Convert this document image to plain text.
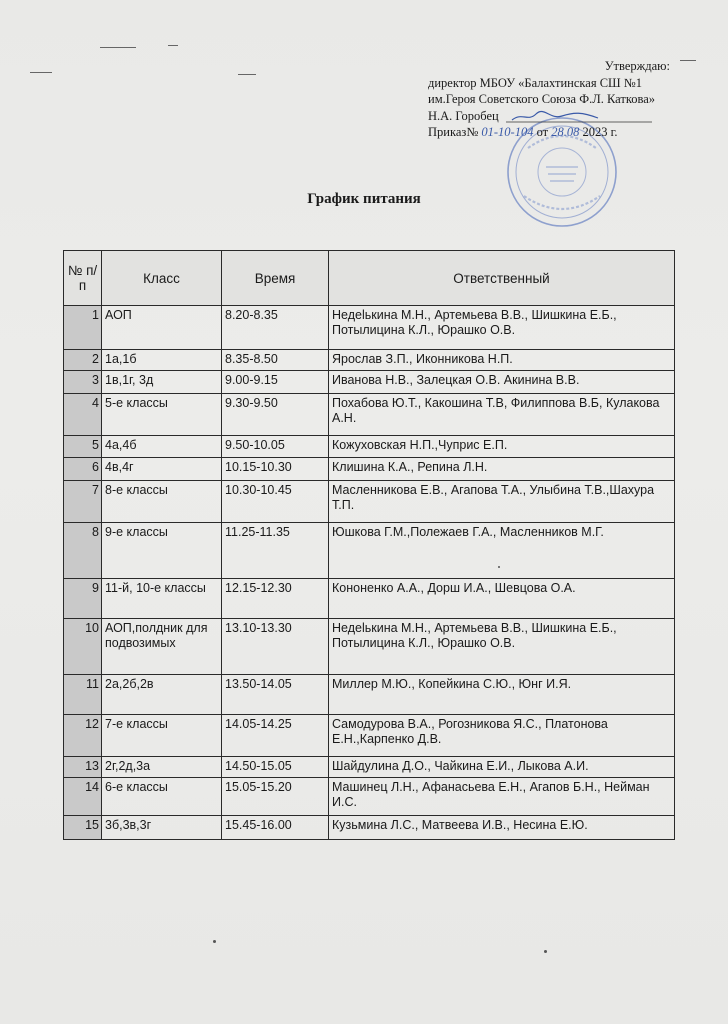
Утверждаю:
директор МБОУ «Балахтинская СШ №1
им.Героя Советского Союза Ф.Л. Каткова»
Н.А. Горобец
Приказ№ 01-10-104 от 28.08 2023 г.
График питания
№ п/п	Класс	Время	Ответственный
1	АОП	8.20-8.35	Недelькина М.Н., Артемьева В.В., Шишкина Е.Б., Потылицина К.Л., Юрашко О.В.
2	1а,1б	8.35-8.50	Ярослав З.П., Иконникова Н.П.
3	1в,1г, 3д	9.00-9.15	Иванова Н.В., Залецкая О.В. Акинина В.В.
4	5-е классы	9.30-9.50	Похабова Ю.Т., Какошина Т.В, Филиппова В.Б, Кулакова А.Н.
5	4а,4б	9.50-10.05	Кожуховская Н.П.,Чуприс Е.П.
6	4в,4г	10.15-10.30	Клишина К.А., Репина Л.Н.
7	8-е классы	10.30-10.45	Масленникова Е.В., Агапова Т.А., Улыбина Т.В.,Шахура Т.П.
8	9-е классы	11.25-11.35	Юшкова Г.М.,Полежаев Г.А., Масленников М.Г.
9	11-й, 10-е классы	12.15-12.30	Кононенко А.А., Дорш И.А., Шевцова О.А.
10	АОП,полдник для подвозимых	13.10-13.30	Недelькина М.Н., Артемьева В.В., Шишкина Е.Б., Потылицина К.Л., Юрашко О.В.
11	2а,2б,2в	13.50-14.05	Миллер М.Ю., Копейкина С.Ю., Юнг И.Я.
12	7-е классы	14.05-14.25	Самодурова В.А., Рогозникова Я.С., Платонова Е.Н.,Карпенко Д.В.
13	2г,2д,3а	14.50-15.05	Шайдулина Д.О., Чайкина Е.И., Лыкова А.И.
14	6-е классы	15.05-15.20	Машинец Л.Н., Афанасьева Е.Н., Агапов Б.Н., Нейман И.С.
15	3б,3в,3г	15.45-16.00	Кузьмина Л.С., Матвеева И.В., Несина Е.Ю.
